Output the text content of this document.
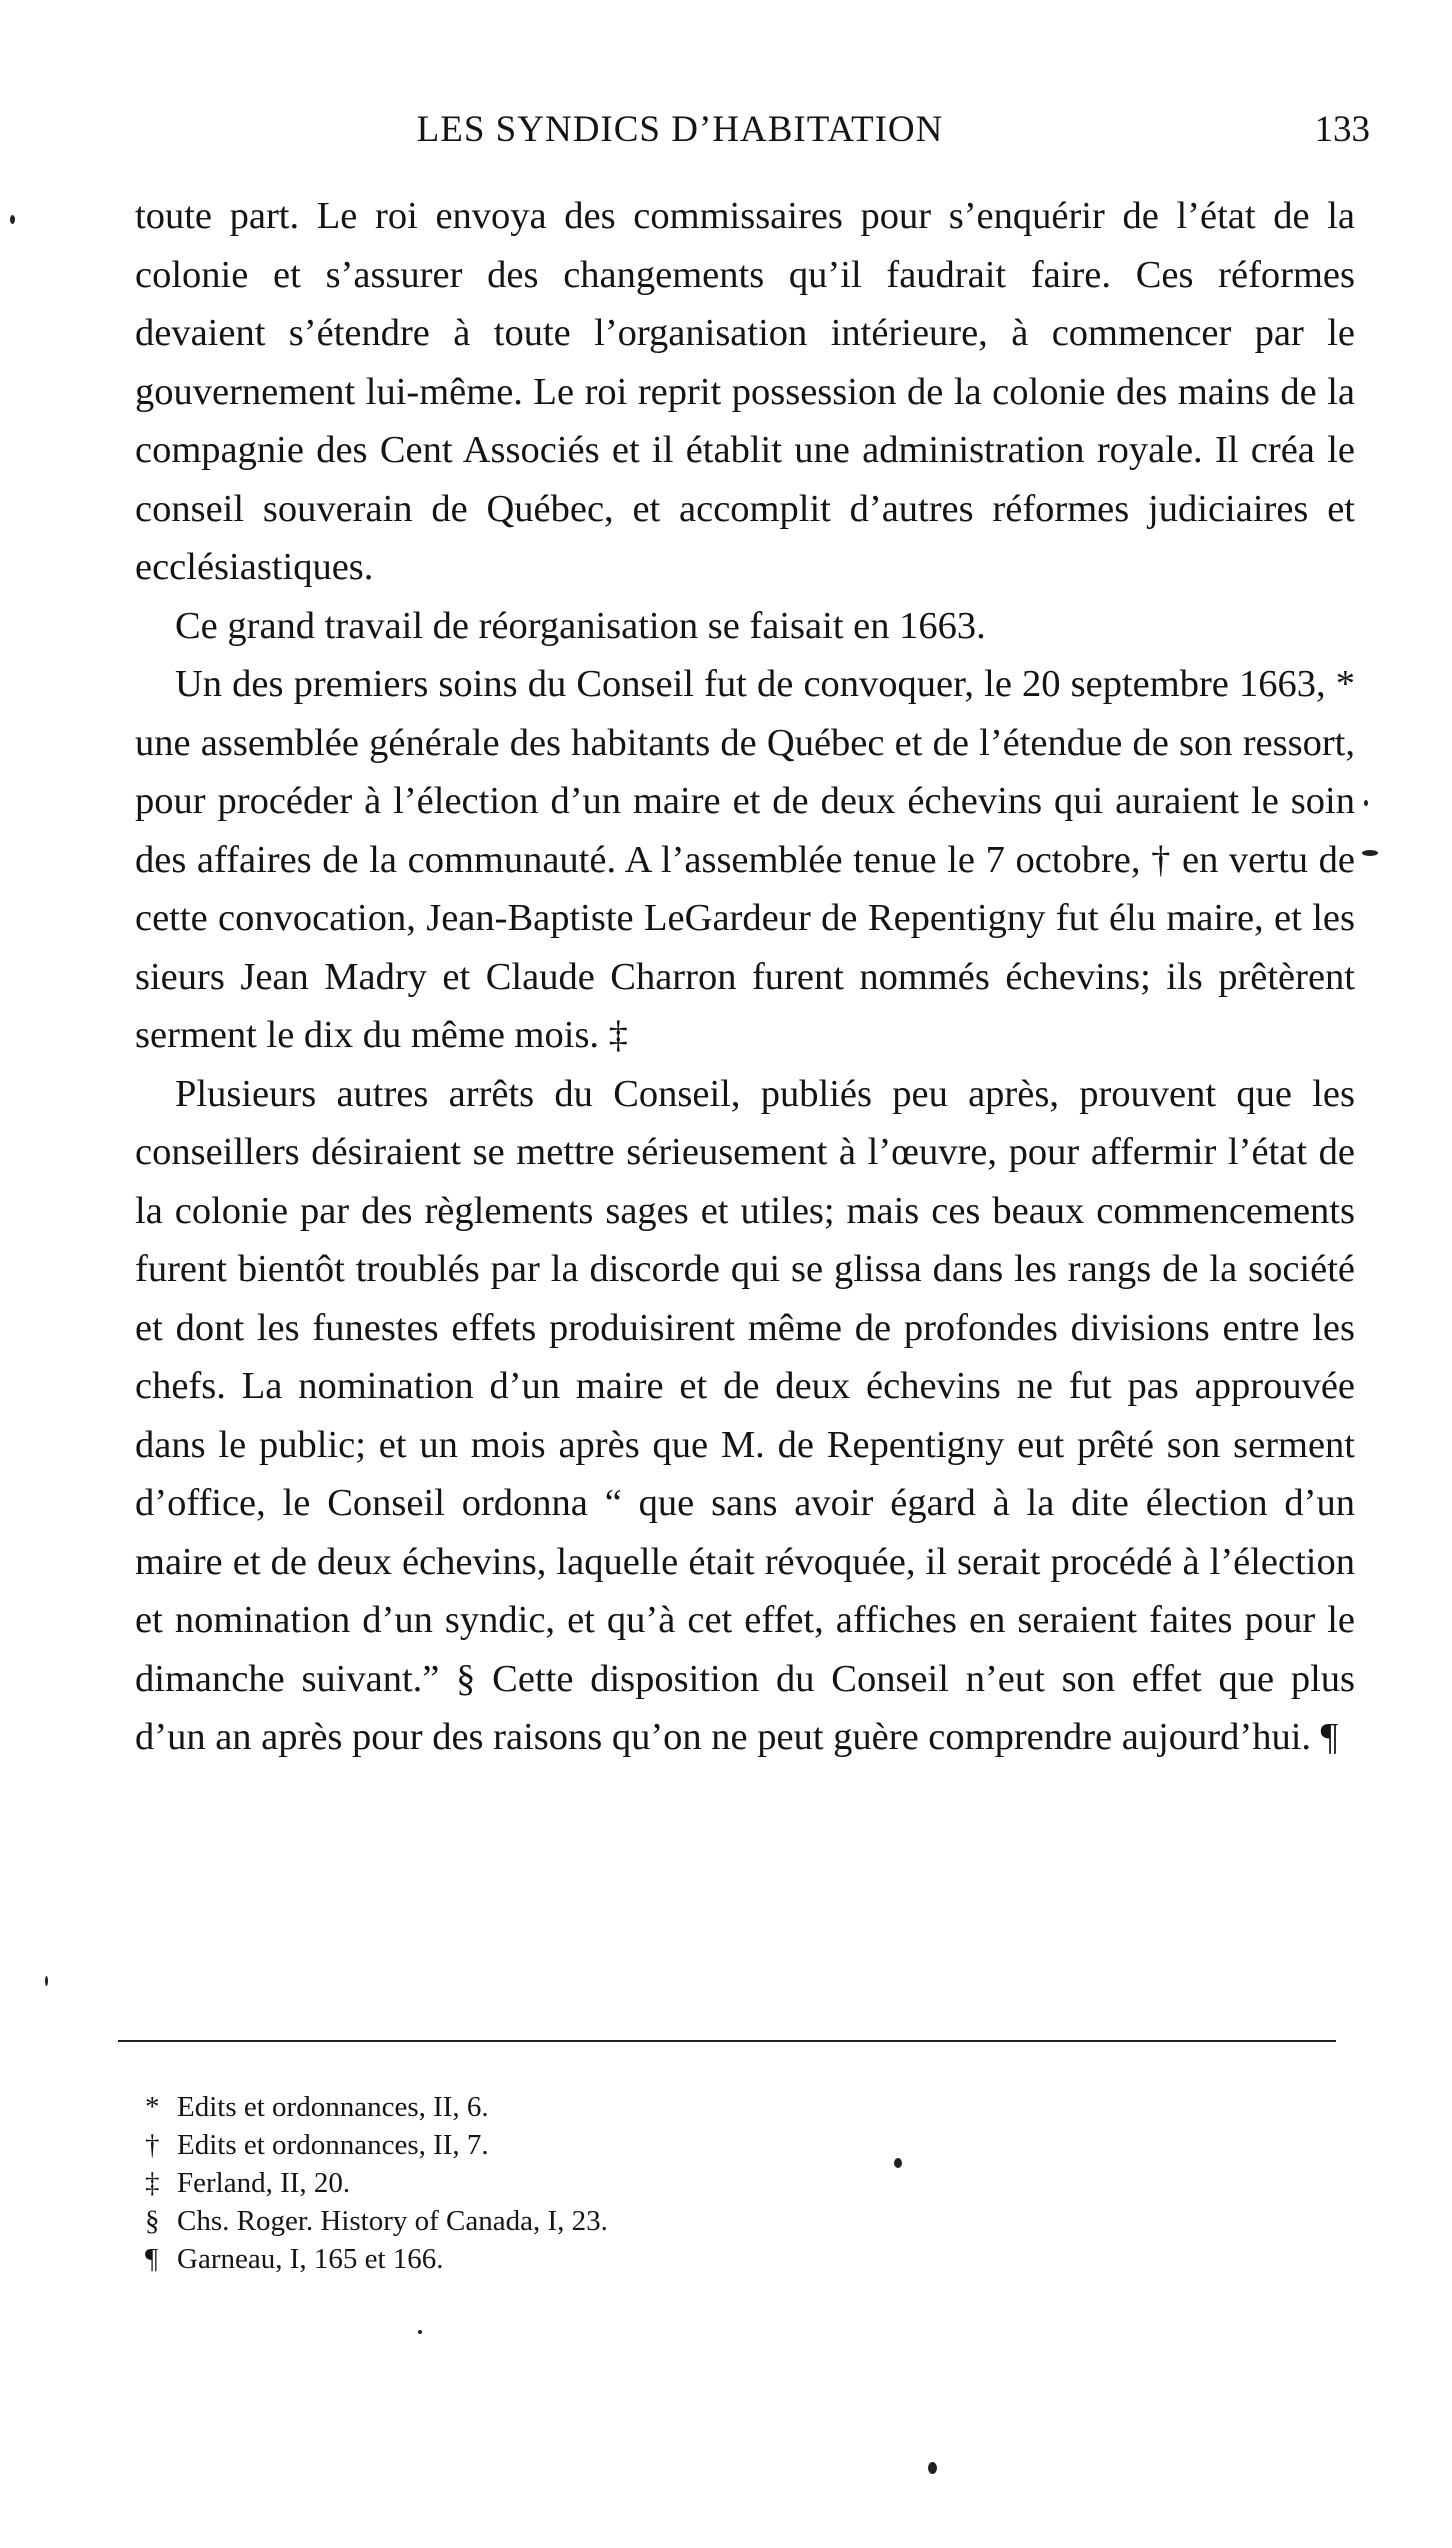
LES SYNDICS D’HABITATION	133

toute part. Le roi envoya des commissaires pour s’enquérir de l’état de la colonie et s’assurer des changements qu’il faudrait faire. Ces réformes devaient s’étendre à toute l’organisation intérieure, à commencer par le gouvernement lui-même. Le roi reprit possession de la colonie des mains de la compagnie des Cent Associés et il établit une administration royale. Il créa le conseil souverain de Québec, et accomplit d’autres réformes judiciaires et ecclésiastiques.

Ce grand travail de réorganisation se faisait en 1663.

Un des premiers soins du Conseil fut de convoquer, le 20 septembre 1663, * une assemblée générale des habitants de Québec et de l’étendue de son ressort, pour procéder à l’élection d’un maire et de deux échevins qui auraient le soin des affaires de la communauté. A l’assemblée tenue le 7 octobre, † en vertu de cette convocation, Jean-Baptiste LeGardeur de Repentigny fut élu maire, et les sieurs Jean Madry et Claude Charron furent nommés échevins; ils prêtèrent serment le dix du même mois. ‡

Plusieurs autres arrêts du Conseil, publiés peu après, prouvent que les conseillers désiraient se mettre sérieusement à l’œuvre, pour affermir l’état de la colonie par des règlements sages et utiles; mais ces beaux commencements furent bientôt troublés par la discorde qui se glissa dans les rangs de la société et dont les funestes effets produisirent même de profondes divisions entre les chefs. La nomination d’un maire et de deux échevins ne fut pas approuvée dans le public; et un mois après que M. de Repentigny eut prêté son serment d’office, le Conseil ordonna “ que sans avoir égard à la dite élection d’un maire et de deux échevins, laquelle était révoquée, il serait procédé à l’élection et nomination d’un syndic, et qu’à cet effet, affiches en seraient faites pour le dimanche suivant.” § Cette disposition du Conseil n’eut son effet que plus d’un an après pour des raisons qu’on ne peut guère comprendre aujourd’hui. ¶

* Edits et ordonnances, II, 6.
† Edits et ordonnances, II, 7.
‡ Ferland, II, 20.
§ Chs. Roger. History of Canada, I, 23.
¶ Garneau, I, 165 et 166.
